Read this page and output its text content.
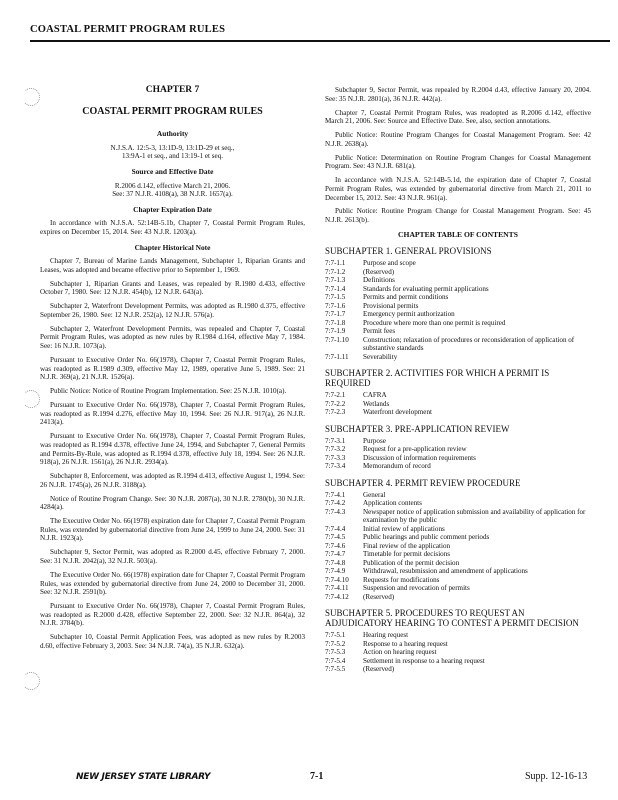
COASTAL PERMIT PROGRAM RULES
CHAPTER 7
COASTAL PERMIT PROGRAM RULES
Authority
N.J.S.A. 12:5-3, 13:1D-9, 13:1D-29 et seq.,
13:9A-1 et seq., and 13:19-1 et seq.
Source and Effective Date
R.2006 d.142, effective March 21, 2006.
See: 37 N.J.R. 4108(a), 38 N.J.R. 1657(a).
Chapter Expiration Date

In accordance with N.J.S.A. 52:14B-5.1b, Chapter 7, Coastal Permit Program Rules, expires on December 15, 2014. See: 43 N.J.R. 1203(a).

Chapter Historical Note

Chapter 7, Bureau of Marine Lands Management, Subchapter 1, Riparian Grants and Leases, was adopted and became effective prior to September 1, 1969.

Subchapter 1, Riparian Grants and Leases, was repealed by R.1980 d.433, effective October 7, 1980. See: 12 N.J.R. 454(b), 12 N.J.R. 643(a).

Subchapter 2, Waterfront Development Permits, was adopted as R.1980 d.375, effective September 26, 1980. See: 12 N.J.R. 252(a), 12 N.J.R. 576(a).

Subchapter 2, Waterfront Development Permits, was repealed and Chapter 7, Coastal Permit Program Rules, was adopted as new rules by R.1984 d.164, effective May 7, 1984. See: 16 N.J.R. 1073(a).

Pursuant to Executive Order No. 66(1978), Chapter 7, Coastal Permit Program Rules, was readopted as R.1989 d.309, effective May 12, 1989, operative June 5, 1989. See: 21 N.J.R. 369(a), 21 N.J.R. 1526(a).

Public Notice: Notice of Routine Program Implementation. See: 25 N.J.R. 1010(a).

Pursuant to Executive Order No. 66(1978), Chapter 7, Coastal Permit Program Rules, was readopted as R.1994 d.276, effective May 10, 1994. See: 26 N.J.R. 917(a), 26 N.J.R. 2413(a).

Pursuant to Executive Order No. 66(1978), Chapter 7, Coastal Permit Program Rules, was readopted as R.1994 d.378, effective June 24, 1994, and Subchapter 7, General Permits and Permits-By-Rule, was adopted as R.1994 d.378, effective July 18, 1994. See: 26 N.J.R. 918(a), 26 N.J.R. 1561(a), 26 N.J.R. 2934(a).

Subchapter 8, Enforcement, was adopted as R.1994 d.413, effective August 1, 1994. See: 26 N.J.R. 1745(a), 26 N.J.R. 3188(a).

Notice of Routine Program Change. See: 30 N.J.R. 2087(a), 30 N.J.R. 2780(b), 30 N.J.R. 4284(a).

The Executive Order No. 66(1978) expiration date for Chapter 7, Coastal Permit Program Rules, was extended by gubernatorial directive from June 24, 1999 to June 24, 2000. See: 31 N.J.R. 1923(a).

Subchapter 9, Sector Permit, was adopted as R.2000 d.45, effective February 7, 2000. See: 31 N.J.R. 2042(a), 32 N.J.R. 503(a).

The Executive Order No. 66(1978) expiration date for Chapter 7, Coastal Permit Program Rules, was extended by gubernatorial directive from June 24, 2000 to December 31, 2000. See: 32 N.J.R. 2591(b).

Pursuant to Executive Order No. 66(1978), Chapter 7, Coastal Permit Program Rules, was readopted as R.2000 d.428, effective September 22, 2000. See: 32 N.J.R. 864(a), 32 N.J.R. 3784(b).

Subchapter 10, Coastal Permit Application Fees, was adopted as new rules by R.2003 d.60, effective February 3, 2003. See: 34 N.J.R. 74(a), 35 N.J.R. 632(a).

Subchapter 9, Sector Permit, was repealed by R.2004 d.43, effective January 20, 2004. See: 35 N.J.R. 2801(a), 36 N.J.R. 442(a).

Chapter 7, Coastal Permit Program Rules, was readopted as R.2006 d.142, effective March 21, 2006. See: Source and Effective Date. See, also, section annotations.

Public Notice: Routine Program Changes for Coastal Management Program. See: 42 N.J.R. 2638(a).

Public Notice: Determination on Routine Program Changes for Coastal Management Program. See: 43 N.J.R. 681(a).

In accordance with N.J.S.A. 52:14B-5.1d, the expiration date of Chapter 7, Coastal Permit Program Rules, was extended by gubernatorial directive from March 21, 2011 to December 15, 2012. See: 43 N.J.R. 961(a).

Public Notice: Routine Program Change for Coastal Management Program. See: 45 N.J.R. 2613(b).

CHAPTER TABLE OF CONTENTS
SUBCHAPTER 1. GENERAL PROVISIONS
7:7-1.1	Purpose and scope
7:7-1.2	(Reserved)
7:7-1.3	Definitions
7:7-1.4	Standards for evaluating permit applications
7:7-1.5	Permits and permit conditions
7:7-1.6	Provisional permits
7:7-1.7	Emergency permit authorization
7:7-1.8	Procedure where more than one permit is required
7:7-1.9	Permit fees
7:7-1.10	Construction; relaxation of procedures or reconsideration of application of substantive standards
7:7-1.11	Severability
SUBCHAPTER 2. ACTIVITIES FOR WHICH A PERMIT IS REQUIRED
7:7-2.1	CAFRA
7:7-2.2	Wetlands
7:7-2.3	Waterfront development
SUBCHAPTER 3. PRE-APPLICATION REVIEW
7:7-3.1	Purpose
7:7-3.2	Request for a pre-application review
7:7-3.3	Discussion of information requirements
7:7-3.4	Memorandum of record
SUBCHAPTER 4. PERMIT REVIEW PROCEDURE
7:7-4.1	General
7:7-4.2	Application contents
7:7-4.3	Newspaper notice of application submission and availability of application for examination by the public
7:7-4.4	Initial review of applications
7:7-4.5	Public hearings and public comment periods
7:7-4.6	Final review of the application
7:7-4.7	Timetable for permit decisions
7:7-4.8	Publication of the permit decision
7:7-4.9	Withdrawal, resubmission and amendment of applications
7:7-4.10	Requests for modifications
7:7-4.11	Suspension and revocation of permits
7:7-4.12	(Reserved)
SUBCHAPTER 5. PROCEDURES TO REQUEST AN ADJUDICATORY HEARING TO CONTEST A PERMIT DECISION
7:7-5.1	Hearing request
7:7-5.2	Response to a hearing request
7:7-5.3	Action on hearing request
7:7-5.4	Settlement in response to a hearing request
7:7-5.5	(Reserved)
NEW JERSEY STATE LIBRARY	7-1	Supp. 12-16-13
